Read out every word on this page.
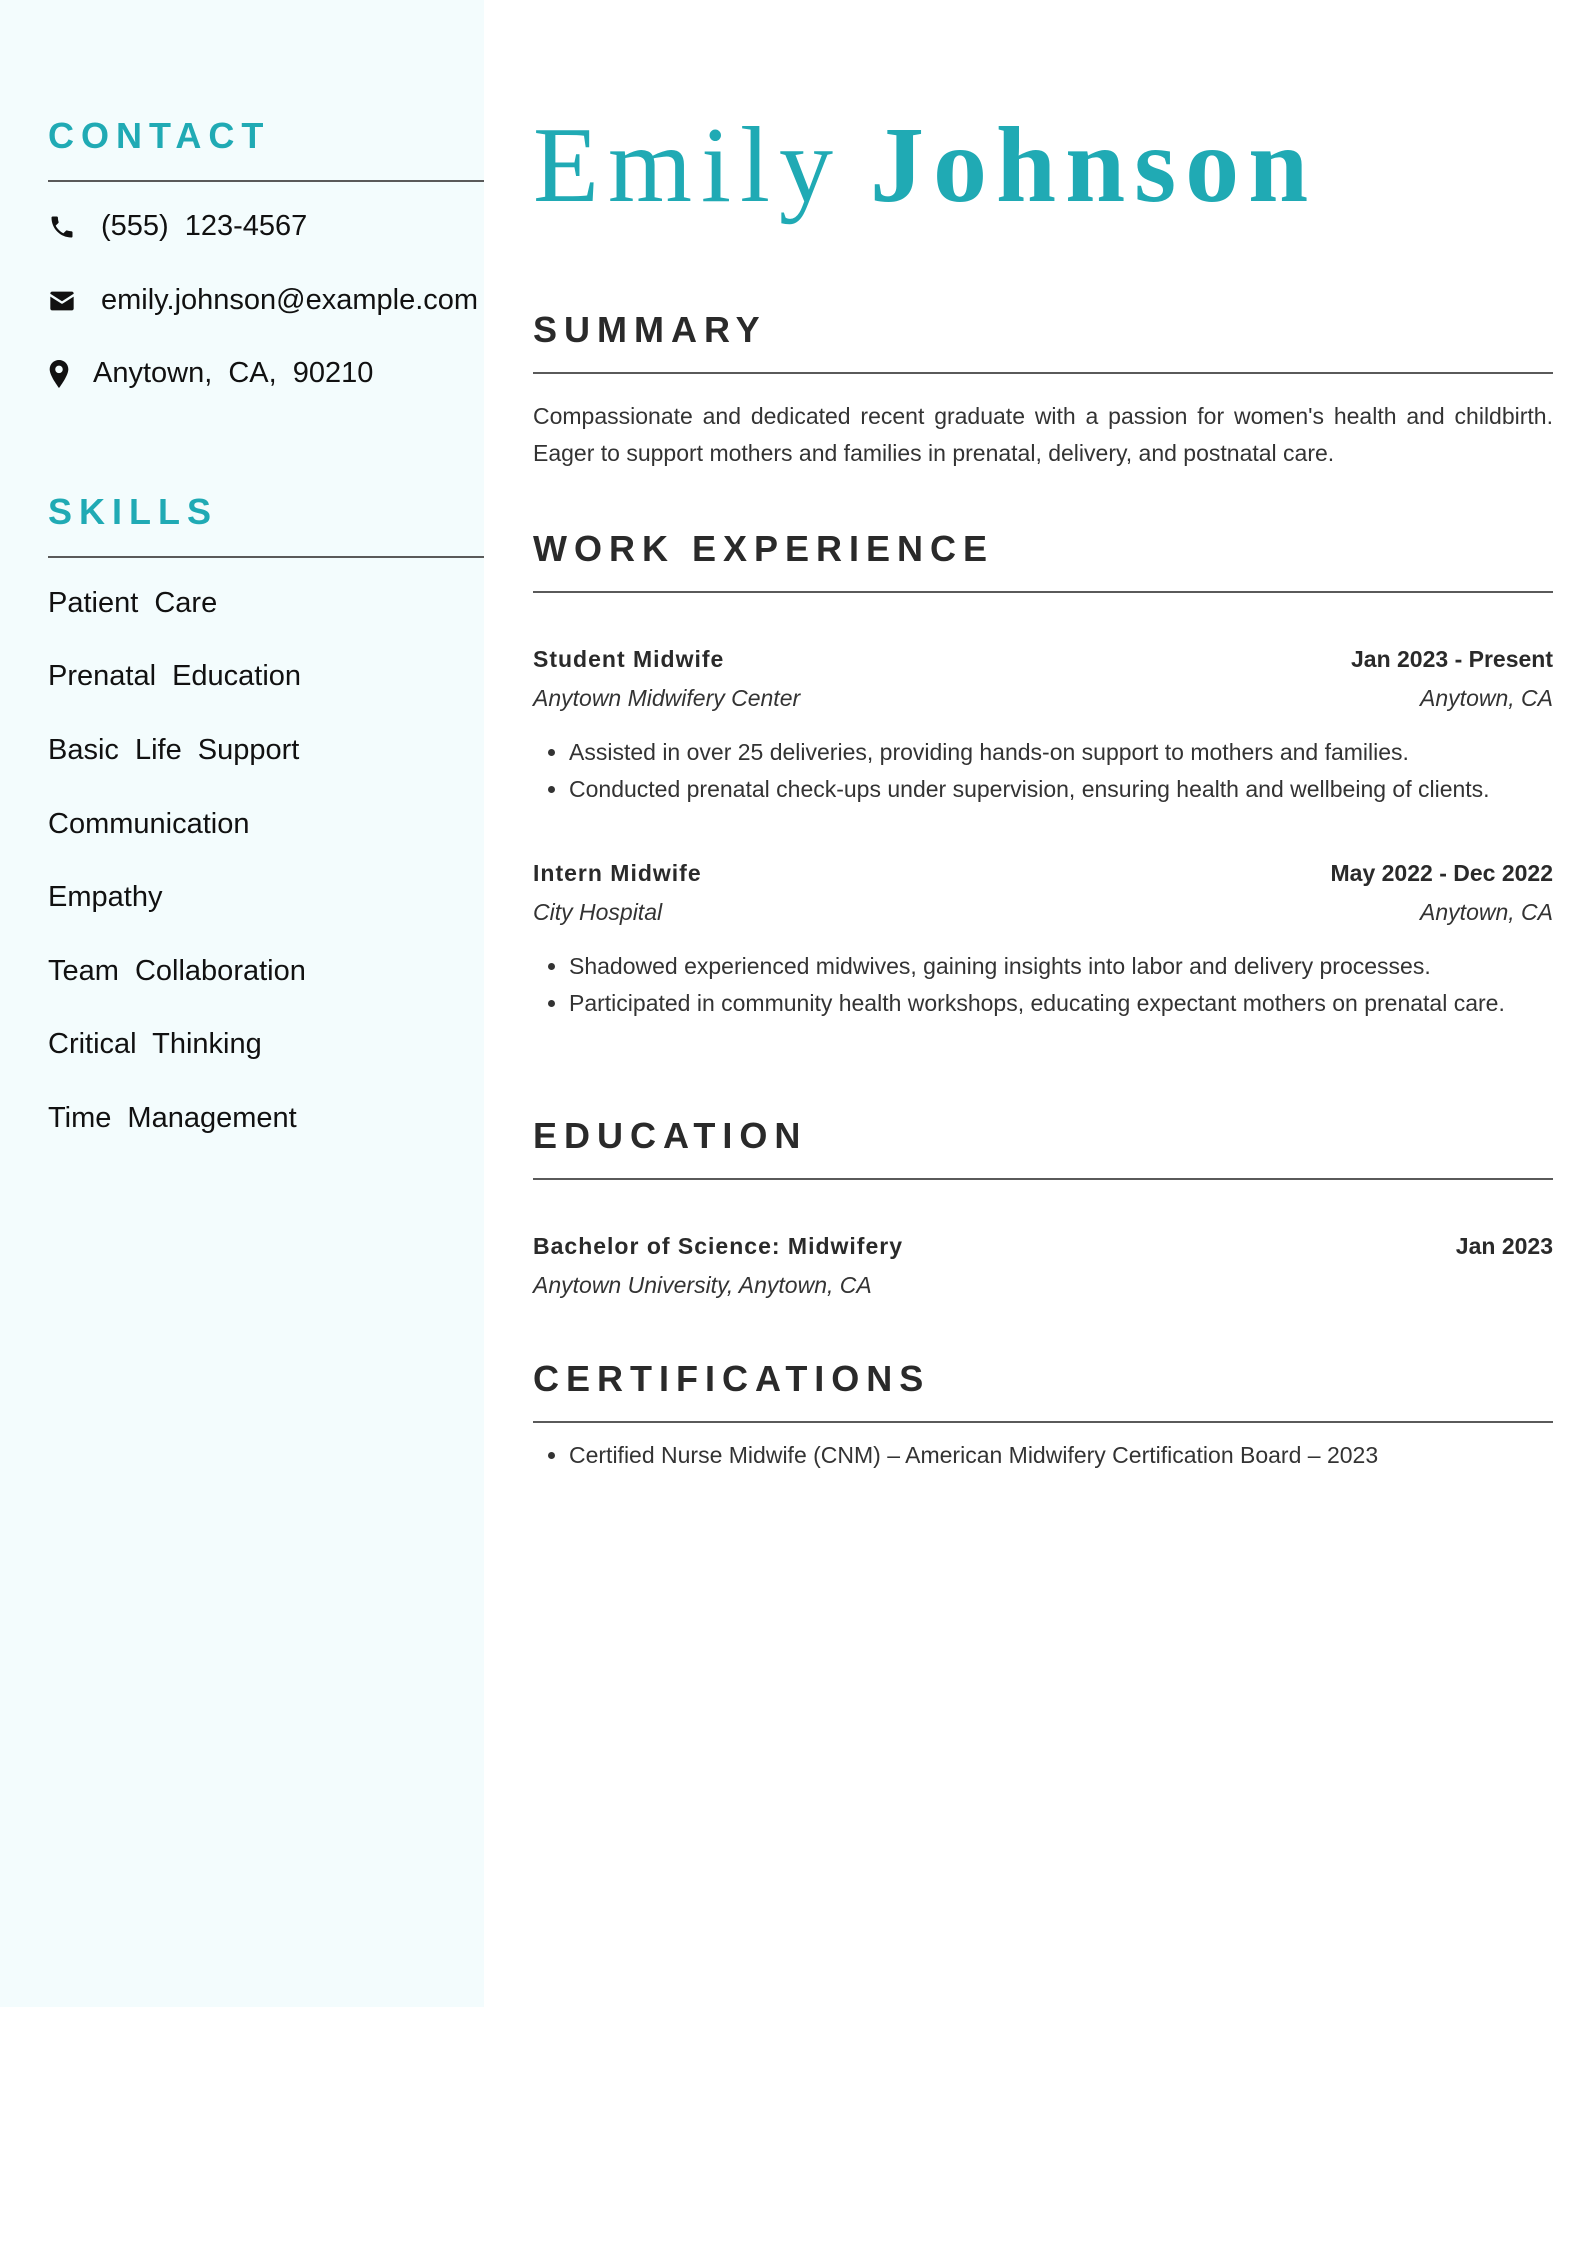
CONTACT
(555) 123-4567
emily.johnson@example.com
Anytown, CA, 90210
SKILLS
Patient Care
Prenatal Education
Basic Life Support
Communication
Empathy
Team Collaboration
Critical Thinking
Time Management
Emily Johnson
SUMMARY

Compassionate and dedicated recent graduate with a passion for women's health and childbirth. Eager to support mothers and families in prenatal, delivery, and postnatal care.

WORK EXPERIENCE
Student Midwife	Jan 2023 - Present
Anytown Midwifery Center	Anytown, CA
• Assisted in over 25 deliveries, providing hands-on support to mothers and families.
• Conducted prenatal check-ups under supervision, ensuring health and wellbeing of clients.
Intern Midwife	May 2022 - Dec 2022
City Hospital	Anytown, CA
• Shadowed experienced midwives, gaining insights into labor and delivery processes.
• Participated in community health workshops, educating expectant mothers on prenatal care.
EDUCATION
Bachelor of Science: Midwifery	Jan 2023
Anytown University, Anytown, CA
CERTIFICATIONS
• Certified Nurse Midwife (CNM) – American Midwifery Certification Board – 2023
